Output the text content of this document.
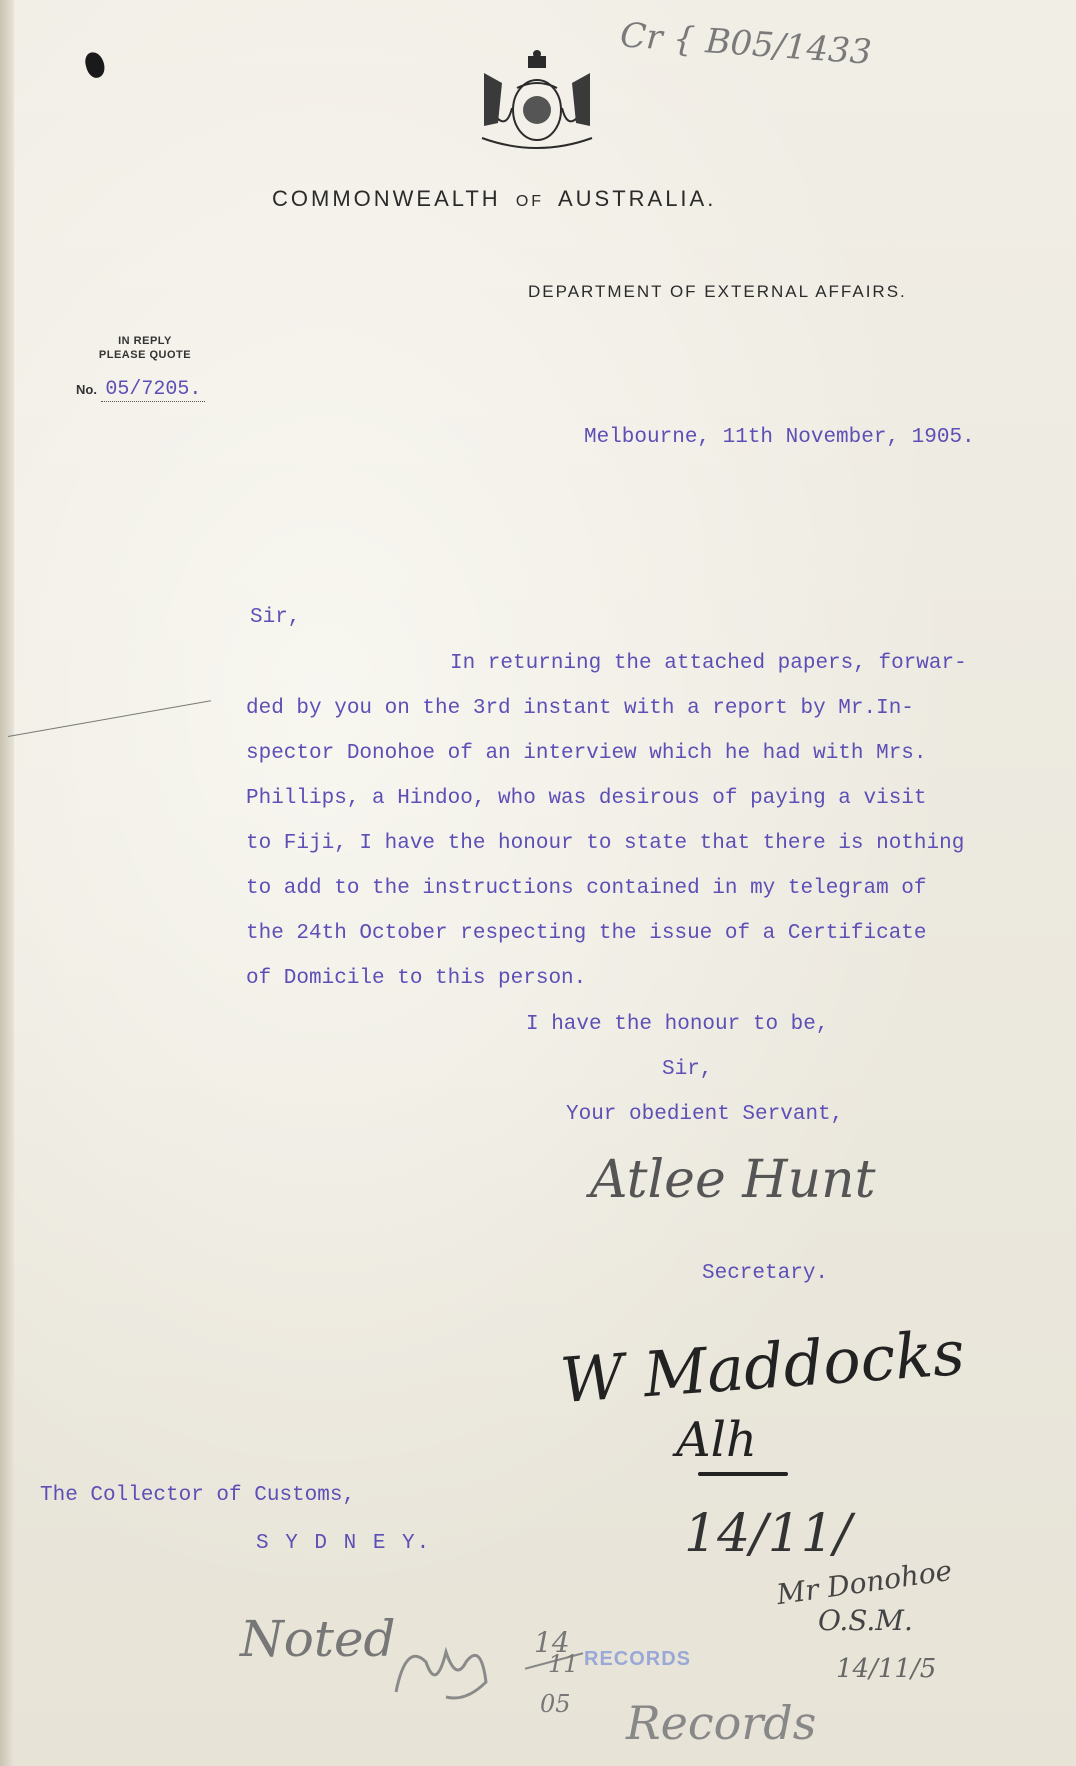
Cr { B05/1433
COMMONWEALTH OF AUSTRALIA.
DEPARTMENT OF EXTERNAL AFFAIRS.
IN REPLY
PLEASE QUOTE
No. 05/7205.
Melbourne, 11th November, 1905.
Sir,
In returning the attached papers, forwar-
ded by you on the 3rd instant with a report by Mr.In-
spector Donohoe of an interview which he had with Mrs.
Phillips, a Hindoo, who was desirous of paying a visit
to Fiji, I have the honour to state that there is nothing
to add to the instructions contained in my telegram of
the 24th October respecting the issue of a Certificate
of Domicile to this person.
I have the honour to be,
Sir,
Your obedient Servant,
Atlee Hunt
Secretary.
W Maddocks
Alh
14/11/
Mr Donohoe
O.S.M.
14/11/5
The Collector of Customs,
S Y D N E Y.
Noted	14
11
05
RECORDS
Records
